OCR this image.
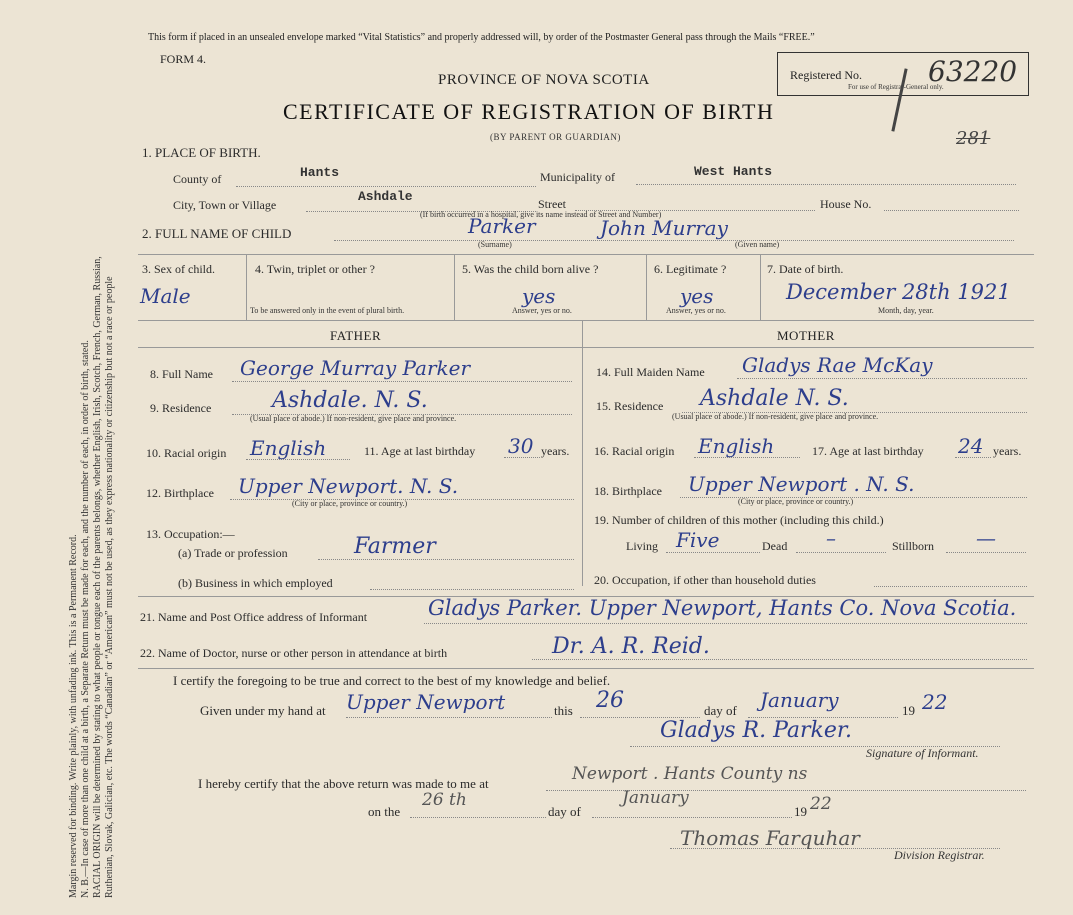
Margin reserved for binding. Write plainly, with unfading ink. This is a Permanent Record. N. B.—In case of more than one child at a birth, a Separate Return must be made for each, and the number of each, in order of birth, stated. RACIAL ORIGIN will be determined by stating to what people or tongue each of the parents belongs, whether English, Irish, Scotch, French, German, Russian, Ruthenian, Slovak, Galician, etc. The words “Canadian” or “American” must not be used, as they express nationality or citizenship but not a race or people
This form if placed in an unsealed envelope marked “Vital Statistics” and properly addressed will, by order of the Postmaster General pass through the Mails “FREE.”
FORM 4.
PROVINCE OF NOVA SCOTIA
CERTIFICATE OF REGISTRATION OF BIRTH
(BY PARENT OR GUARDIAN)
Registered No.
For use of Registrar-General only.
63220
281
1. PLACE OF BIRTH.
County of	Hants	Municipality of	West Hants
City, Town or Village
Ashdale	Street
(If birth occurred in a hospital, give its name instead of Street and Number)
House No.
2. FULL NAME OF CHILD	Parker	John Murray
(Surname)	(Given name)
3. Sex of child.
Male
4. Twin, triplet or other ?
To be answered only in the event of plural birth.
5. Was the child born alive ?
yes
Answer, yes or no.
6. Legitimate ?
yes
Answer, yes or no.
7. Date of birth.
December 28th 1921
Month, day, year.
FATHER	MOTHER
8. Full Name George Murray Parker
9. Residence	Ashdale. N. S.
(Usual place of abode.) If non-resident, give place and province.
10. Racial origin English	11. Age at last birthday 30 years.
12. Birthplace Upper Newport. N. S.
(City or place, province or country.)
13. Occupation:—
(a) Trade or profession	Farmer
(b) Business in which employed
14. Full Maiden Name Gladys Rae McKay
15. Residence Ashdale N. S.
(Usual place of abode.) If non-resident, give place and province.
16. Racial origin English	17. Age at last birthday 24 years.
18. Birthplace Upper Newport . N. S.
(City or place, province or country.)
19. Number of children of this mother (including this child.)
Living Five	Dead –	Stillborn —
20. Occupation, if other than household duties
21. Name and Post Office address of Informant	Gladys Parker. Upper Newport, Hants Co. Nova Scotia.
22. Name of Doctor, nurse or other person in attendance at birth	Dr. A. R. Reid.
I certify the foregoing to be true and correct to the best of my knowledge and belief.
Given under my hand at Upper Newport	this 26	day of January	19 22
Gladys R. Parker.
Signature of Informant.
I hereby certify that the above return was made to me at	Newport . Hants County ns
on the
26 th
day of
January
19 22
Thomas Farquhar
Division Registrar.
